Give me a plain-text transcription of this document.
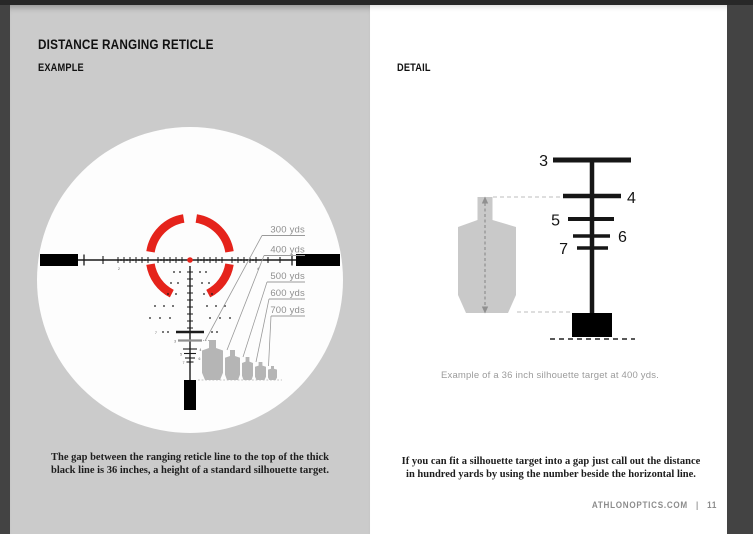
DISTANCE RANGING RETICLE
EXAMPLE	DETAIL
2	4
7
3
4
5
6
7
300 yds
400 yds
500 yds
600 yds
700 yds
3
4
5
6
7
Example of a 36 inch silhouette target at 400 yds.
The gap between the ranging reticle line to the top of the thick
black line is 36 inches, a height of a standard silhouette target.
If you can fit a silhouette target into a gap just call out the distance
in hundred yards by using the number beside the horizontal line.
ATHLONOPTICS.COM | 11
